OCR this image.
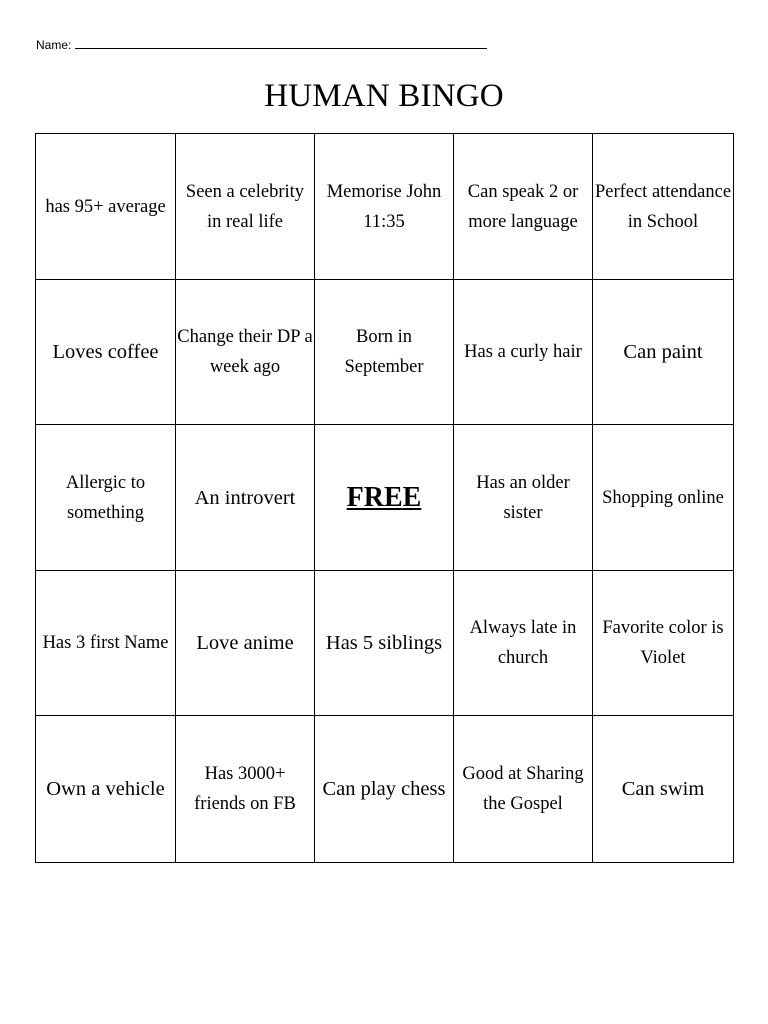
Name:
HUMAN BINGO
has 95+ average
Seen a celebrity in real life
Memorise John 11:35
Can speak 2 or more language
Perfect attendance in School
Loves coffee
Change their DP a week ago
Born in September
Has a curly hair Can paint
Allergic to something
An introvert FREE	Has an older sister
Shopping online
Has 3 first Name Love anime Has 5 siblings
Always late in church
Favorite color is Violet
Own a vehicle
Has 3000+ friends on FB
Can play chess
Good at Sharing the Gospel
Can swim
